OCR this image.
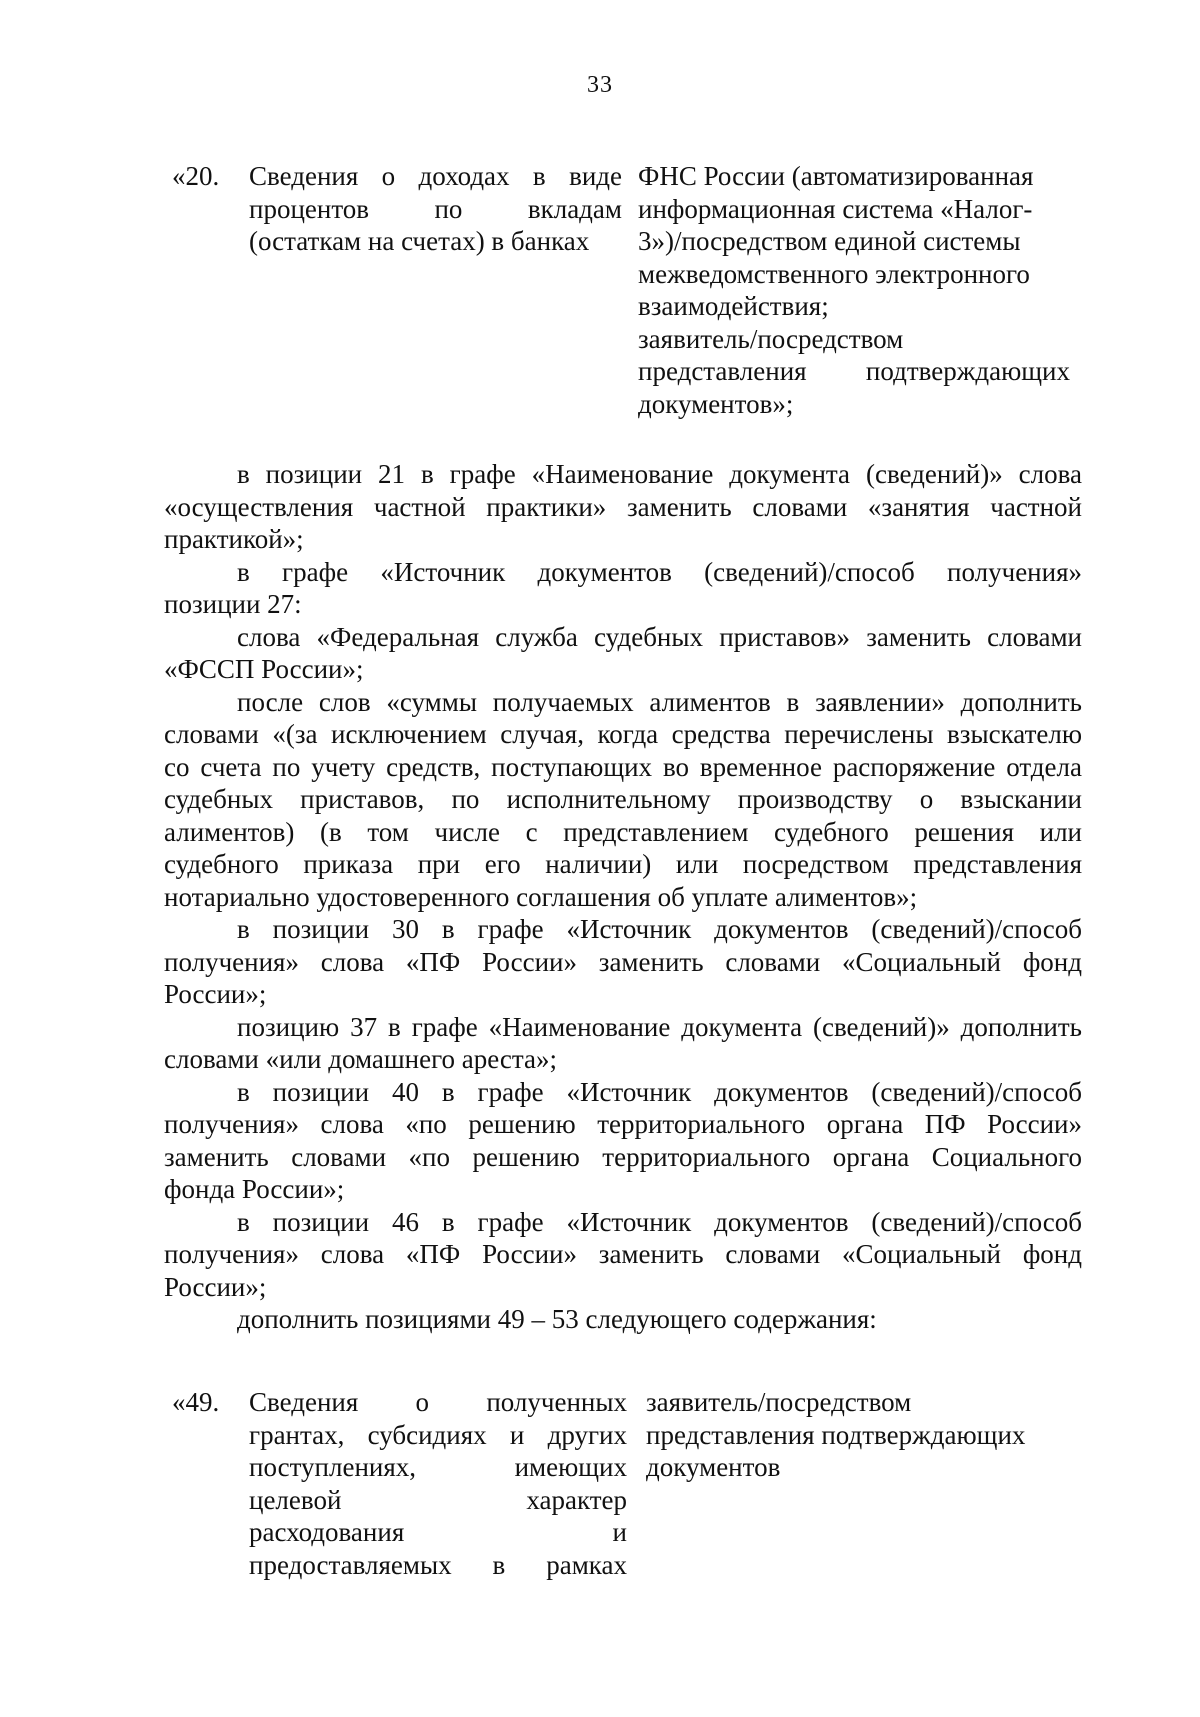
33
«20. Сведения о доходах в виде
процентов по вкладам
(остаткам на счетах) в банках
ФНС России (автоматизированная
информационная система «Налог-
3»)/посредством единой системы
межведомственного электронного
взаимодействия;
заявитель/посредством
представления подтверждающих
документов»;
в позиции 21 в графе «Наименование документа (сведений)» слова
«осуществления частной практики» заменить словами «занятия частной
практикой»;
в графе «Источник документов (сведений)/способ получения»
позиции 27:
слова «Федеральная служба судебных приставов» заменить словами
«ФССП России»;
после слов «суммы получаемых алиментов в заявлении» дополнить
словами «(за исключением случая, когда средства перечислены взыскателю
со счета по учету средств, поступающих во временное распоряжение отдела
судебных приставов, по исполнительному производству о взыскании
алиментов) (в том числе с представлением судебного решения или
судебного приказа при его наличии) или посредством представления
нотариально удостоверенного соглашения об уплате алиментов»;
в позиции 30 в графе «Источник документов (сведений)/способ
получения» слова «ПФ России» заменить словами «Социальный фонд
России»;
позицию 37 в графе «Наименование документа (сведений)» дополнить
словами «или домашнего ареста»;
в позиции 40 в графе «Источник документов (сведений)/способ
получения» слова «по решению территориального органа ПФ России»
заменить словами «по решению территориального органа Социального
фонда России»;
в позиции 46 в графе «Источник документов (сведений)/способ
получения» слова «ПФ России» заменить словами «Социальный фонд
России»;
дополнить позициями 49 – 53 следующего содержания:
«49. Сведения о полученных
грантах, субсидиях и других
поступлениях, имеющих
целевой характер
расходования и
предоставляемых в рамках
заявитель/посредством
представления подтверждающих
документов
